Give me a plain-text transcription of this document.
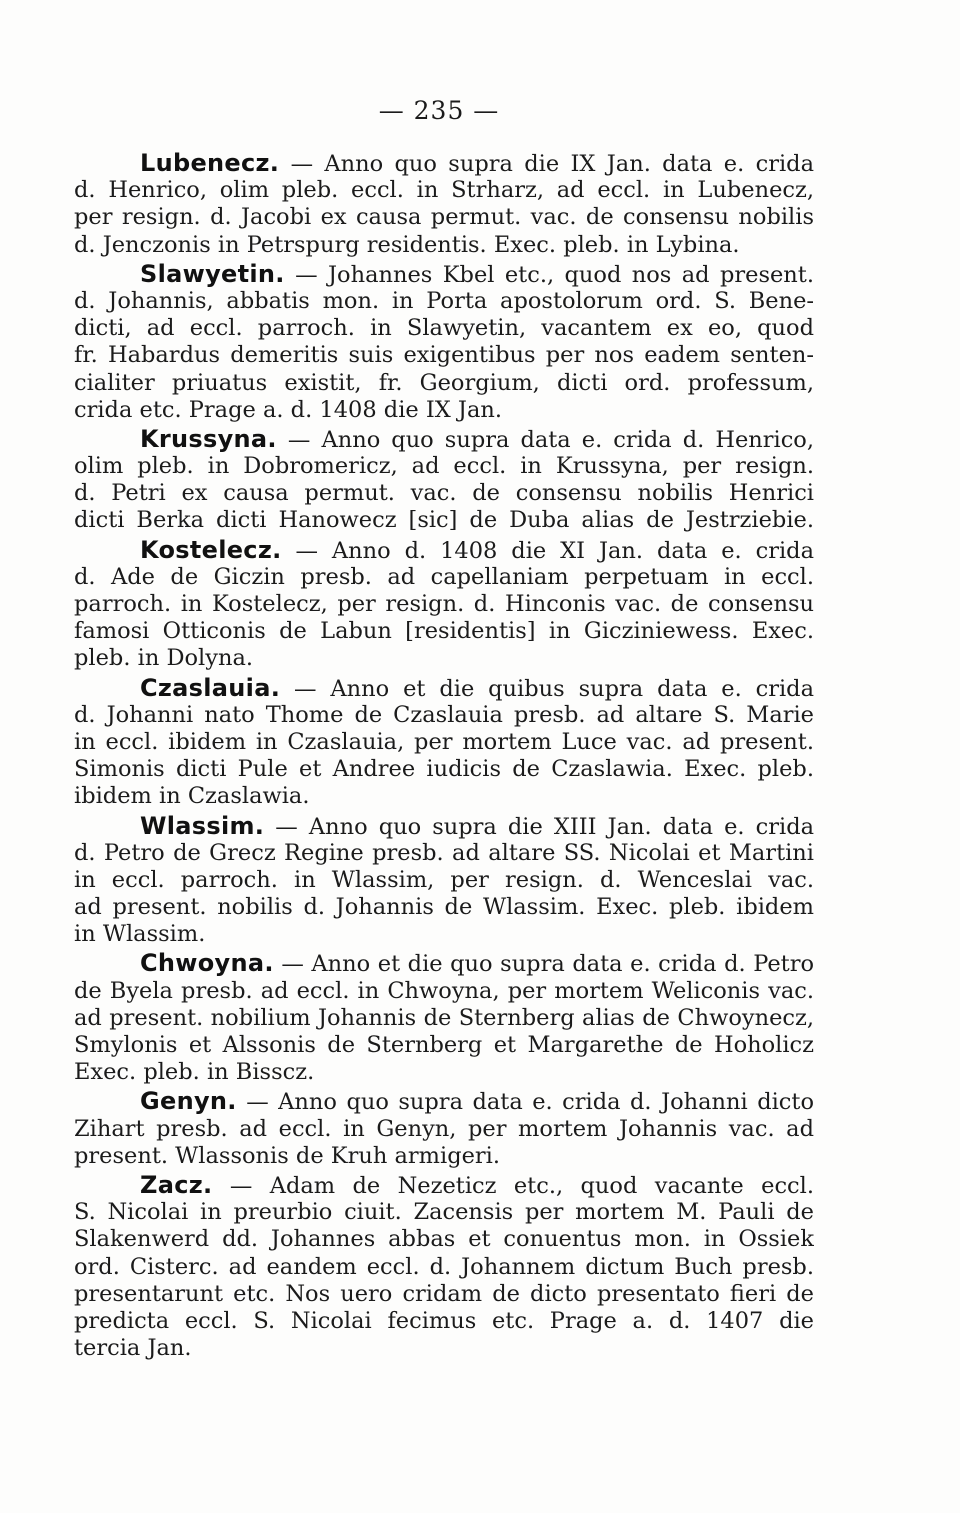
— 235 —
Lubenecz. — Anno quo supra die IX Jan. data e. crida
d. Henrico, olim pleb. eccl. in Strharz, ad eccl. in Lubenecz,
per resign. d. Jacobi ex causa permut. vac. de consensu nobilis
d. Jenczonis in Petrspurg residentis. Exec. pleb. in Lybina.
Slawyetin. — Johannes Kbel etc., quod nos ad present.
d. Johannis, abbatis mon. in Porta apostolorum ord. S. Bene-
dicti, ad eccl. parroch. in Slawyetin, vacantem ex eo, quod
fr. Habardus demeritis suis exigentibus per nos eadem senten-
cialiter priuatus existit, fr. Georgium, dicti ord. professum,
crida etc. Prage a. d. 1408 die IX Jan.
Krussyna. — Anno quo supra data e. crida d. Henrico,
olim pleb. in Dobromericz, ad eccl. in Krussyna, per resign.
d. Petri ex causa permut. vac. de consensu nobilis Henrici
dicti Berka dicti Hanowecz [sic] de Duba alias de Jestrziebie.
Kostelecz. — Anno d. 1408 die XI Jan. data e. crida
d. Ade de Giczin presb. ad capellaniam perpetuam in eccl.
parroch. in Kostelecz, per resign. d. Hinconis vac. de consensu
famosi Otticonis de Labun [residentis] in Gicziniewess. Exec.
pleb. in Dolyna.
Czaslauia. — Anno et die quibus supra data e. crida
d. Johanni nato Thome de Czaslauia presb. ad altare S. Marie
in eccl. ibidem in Czaslauia, per mortem Luce vac. ad present.
Simonis dicti Pule et Andree iudicis de Czaslawia. Exec. pleb.
ibidem in Czaslawia.
Wlassim. — Anno quo supra die XIII Jan. data e. crida
d. Petro de Grecz Regine presb. ad altare SS. Nicolai et Martini
in eccl. parroch. in Wlassim, per resign. d. Wenceslai vac.
ad present. nobilis d. Johannis de Wlassim. Exec. pleb. ibidem
in Wlassim.
Chwoyna. — Anno et die quo supra data e. crida d. Petro
de Byela presb. ad eccl. in Chwoyna, per mortem Weliconis vac.
ad present. nobilium Johannis de Sternberg alias de Chwoynecz,
Smylonis et Alssonis de Sternberg et Margarethe de Hoholicz
Exec. pleb. in Bisscz.
Genyn. — Anno quo supra data e. crida d. Johanni dicto
Zihart presb. ad eccl. in Genyn, per mortem Johannis vac. ad
present. Wlassonis de Kruh armigeri.
Zacz. — Adam de Nezeticz etc., quod vacante eccl.
S. Nicolai in preurbio ciuit. Zacensis per mortem M. Pauli de
Slakenwerd dd. Johannes abbas et conuentus mon. in Ossiek
ord. Cisterc. ad eandem eccl. d. Johannem dictum Buch presb.
presentarunt etc. Nos uero cridam de dicto presentato fieri de
predicta eccl. S. Nicolai fecimus etc. Prage a. d. 1407 die
tercia Jan.
